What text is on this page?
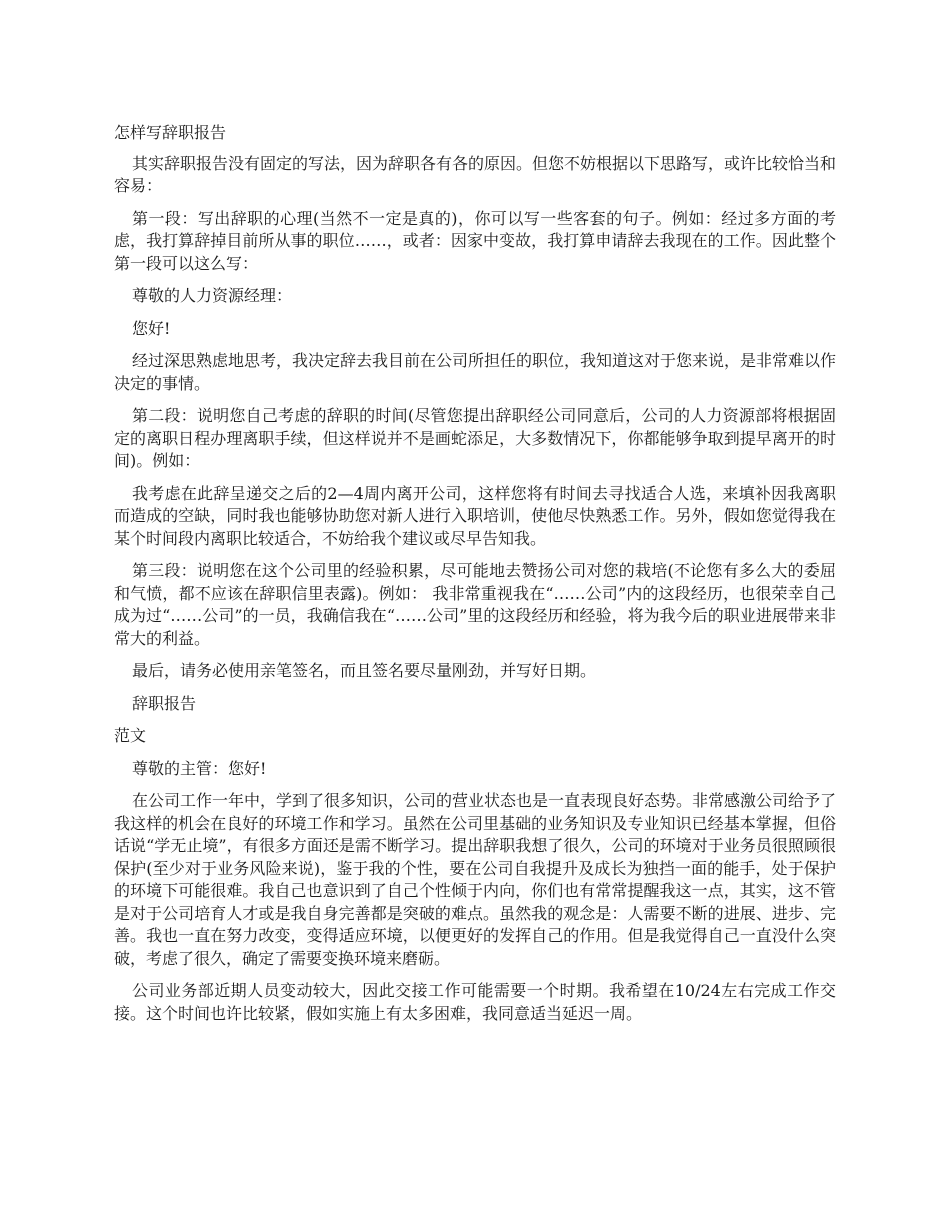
怎样写辞职报告

其实辞职报告没有固定的写法，因为辞职各有各的原因。但您不妨根据以下思路写，或许比较恰当和容易：

第一段：写出辞职的心理(当然不一定是真的)，你可以写一些客套的句子。例如：经过多方面的考虑，我打算辞掉目前所从事的职位……，或者：因家中变故，我打算申请辞去我现在的工作。因此整个第一段可以这么写：

尊敬的人力资源经理：

您好!

经过深思熟虑地思考，我决定辞去我目前在公司所担任的职位，我知道这对于您来说，是非常难以作决定的事情。

第二段：说明您自己考虑的辞职的时间(尽管您提出辞职经公司同意后，公司的人力资源部将根据固定的离职日程办理离职手续，但这样说并不是画蛇添足，大多数情况下，你都能够争取到提早离开的时间)。例如：

我考虑在此辞呈递交之后的2—4周内离开公司，这样您将有时间去寻找适合人选，来填补因我离职而造成的空缺，同时我也能够协助您对新人进行入职培训，使他尽快熟悉工作。另外，假如您觉得我在某个时间段内离职比较适合，不妨给我个建议或尽早告知我。

第三段：说明您在这个公司里的经验积累，尽可能地去赞扬公司对您的栽培(不论您有多么大的委屈和气愤，都不应该在辞职信里表露)。例如： 我非常重视我在“……公司”内的这段经历，也很荣幸自己成为过“……公司”的一员，我确信我在“……公司”里的这段经历和经验，将为我今后的职业进展带来非常大的利益。

最后，请务必使用亲笔签名，而且签名要尽量刚劲，并写好日期。

辞职报告

范文

尊敬的主管：您好!

在公司工作一年中，学到了很多知识，公司的营业状态也是一直表现良好态势。非常感激公司给予了我这样的机会在良好的环境工作和学习。虽然在公司里基础的业务知识及专业知识已经基本掌握，但俗话说“学无止境”，有很多方面还是需不断学习。提出辞职我想了很久，公司的环境对于业务员很照顾很保护(至少对于业务风险来说)，鉴于我的个性，要在公司自我提升及成长为独挡一面的能手，处于保护的环境下可能很难。我自己也意识到了自己个性倾于内向，你们也有常常提醒我这一点，其实，这不管是对于公司培育人才或是我自身完善都是突破的难点。虽然我的观念是：人需要不断的进展、进步、完善。我也一直在努力改变，变得适应环境，以便更好的发挥自己的作用。但是我觉得自己一直没什么突破，考虑了很久，确定了需要变换环境来磨砺。

公司业务部近期人员变动较大，因此交接工作可能需要一个时期。我希望在10/24左右完成工作交接。这个时间也许比较紧，假如实施上有太多困难，我同意适当延迟一周。
